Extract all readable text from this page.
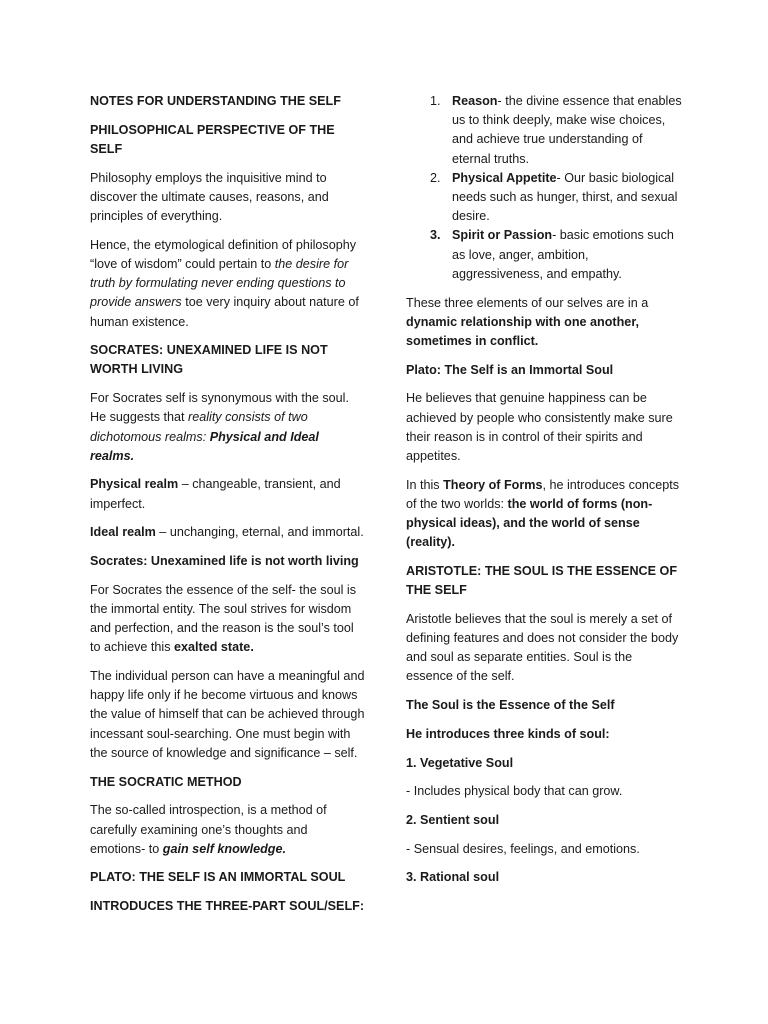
NOTES FOR UNDERSTANDING THE SELF

PHILOSOPHICAL PERSPECTIVE OF THE SELF

Philosophy employs the inquisitive mind to discover the ultimate causes, reasons, and principles of everything.

Hence, the etymological definition of philosophy “love of wisdom” could pertain to the desire for truth by formulating never ending questions to provide answers toe very inquiry about nature of human existence.

SOCRATES: UNEXAMINED LIFE IS NOT WORTH LIVING

For Socrates self is synonymous with the soul. He suggests that reality consists of two dichotomous realms: Physical and Ideal realms.

Physical realm – changeable, transient, and imperfect.

Ideal realm – unchanging, eternal, and immortal.

Socrates: Unexamined life is not worth living

For Socrates the essence of the self- the soul is the immortal entity. The soul strives for wisdom and perfection, and the reason is the soul’s tool to achieve this exalted state.

The individual person can have a meaningful and happy life only if he become virtuous and knows the value of himself that can be achieved through incessant soul-searching. One must begin with the source of knowledge and significance – self.

THE SOCRATIC METHOD

The so-called introspection, is a method of carefully examining one’s thoughts and emotions- to gain self knowledge.

PLATO: THE SELF IS AN IMMORTAL SOUL

INTRODUCES THE THREE-PART SOUL/SELF:

1. Reason- the divine essence that enables us to think deeply, make wise choices, and achieve true understanding of eternal truths.
2. Physical Appetite- Our basic biological needs such as hunger, thirst, and sexual desire.
3. Spirit or Passion- basic emotions such as love, anger, ambition, aggressiveness, and empathy.

These three elements of our selves are in a dynamic relationship with one another, sometimes in conflict.

Plato: The Self is an Immortal Soul

He believes that genuine happiness can be achieved by people who consistently make sure their reason is in control of their spirits and appetites.

In this Theory of Forms, he introduces concepts of the two worlds: the world of forms (non-physical ideas), and the world of sense (reality).

ARISTOTLE: THE SOUL IS THE ESSENCE OF THE SELF

Aristotle believes that the soul is merely a set of defining features and does not consider the body and soul as separate entities. Soul is the essence of the self.

The Soul is the Essence of the Self

He introduces three kinds of soul:

1. Vegetative Soul

- Includes physical body that can grow.

2. Sentient soul

- Sensual desires, feelings, and emotions.

3. Rational soul
